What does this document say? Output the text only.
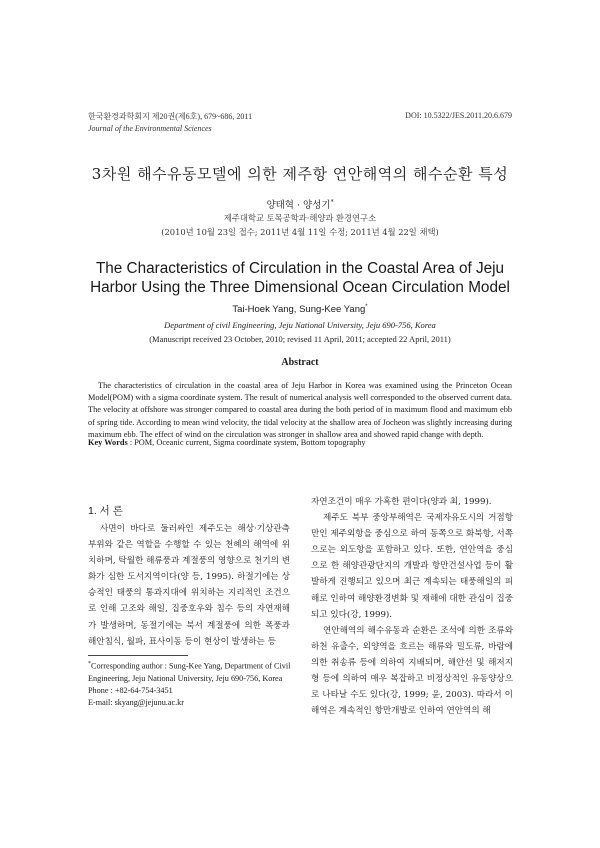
한국환경과학회지 제20권(제6호), 679~686, 2011
Journal of the Environmental Sciences
DOI: 10.5322/JES.2011.20.6.679
3차원 해수유동모델에 의한 제주항 연안해역의 해수순환 특성
양태혁 · 양성기*
제주대학교 토목공학과·해양과 환경연구소
(2010년 10월 23일 접수; 2011년 4월 11일 수정; 2011년 4월 22일 채택)
The Characteristics of Circulation in the Coastal Area of Jeju
Harbor Using the Three Dimensional Ocean Circulation Model
Tai-Hoek Yang, Sung-Kee Yang*
Department of civil Engineering, Jeju National University, Jeju 690-756, Korea
(Manuscript received 23 October, 2010; revised 11 April, 2011; accepted 22 April, 2011)
Abstract
The characteristics of circulation in the coastal area of Jeju Harbor in Korea was examined using the Princeton Ocean Model(POM) with a sigma coordinate system. The result of numerical analysis well corresponded to the observed current data. The velocity at offshore was stronger compared to coastal area during the both period of in maximum flood and maximum ebb of spring tide. According to mean wind velocity, the tidal velocity at the shallow area of Jocheon was slightly increasing during maximum ebb. The effect of wind on the circulation was stronger in shallow area and showed rapid change with depth.
Key Words : POM, Oceanic current, Sigma coordinate system, Bottom topography
1. 서 론

사면이 바다로 둘러싸인 제주도는 해상·기상관측 부위와 같은 역할을 수행할 수 있는 천혜의 해역에 위치하며, 탁월한 해류풍과 계절풍의 영향으로 천기의 변화가 심한 도서지역이다(양 등, 1995). 하절기에는 상승적인 태풍의 통과지대에 위치하는 지리적인 조건으로 인해 고조와 해일, 집중호우와 침수 등의 자연재해가 발생하며, 동절기에는 북서 계절풍에 의한 폭풍과 해안침식, 월파, 표사이동 등이 현상이 발생하는 등

자연조건이 매우 가혹한 편이다(양과 최, 1999).

제주도 북부 중앙부해역은 국제자유도시의 거점항만인 제주외항을 중심으로 하여 동쪽으로 화북항, 서쪽으로는 외도항을 포함하고 있다. 또한, 연안역을 중심으로 한 해양관광단지의 개발과 항만건설사업 등이 활발하게 진행되고 있으며 최근 계속되는 태풍해일의 피해로 인하여 해양환경변화 및 재해에 대한 관심이 집중되고 있다(강, 1999).

연안해역의 해수유동과 순환은 조석에 의한 조류와 하천 유출수, 외양역을 흐르는 해류와 밀도류, 바람에 의한 취송류 등에 의하여 지배되며, 해안선 및 해저지형 등에 의하여 매우 복잡하고 비정상적인 유동양상으로 나타날 수도 있다(강, 1999; 윤, 2003). 따라서 이 해역은 계속적인 항만개발로 인하여 연안역의 해

*Corresponding author : Sung-Kee Yang, Department of Civil Engineering, Jeju National University, Jeju 690-756, Korea
Phone : +82-64-754-3451
E-mail: skyang@jejunu.ac.kr
